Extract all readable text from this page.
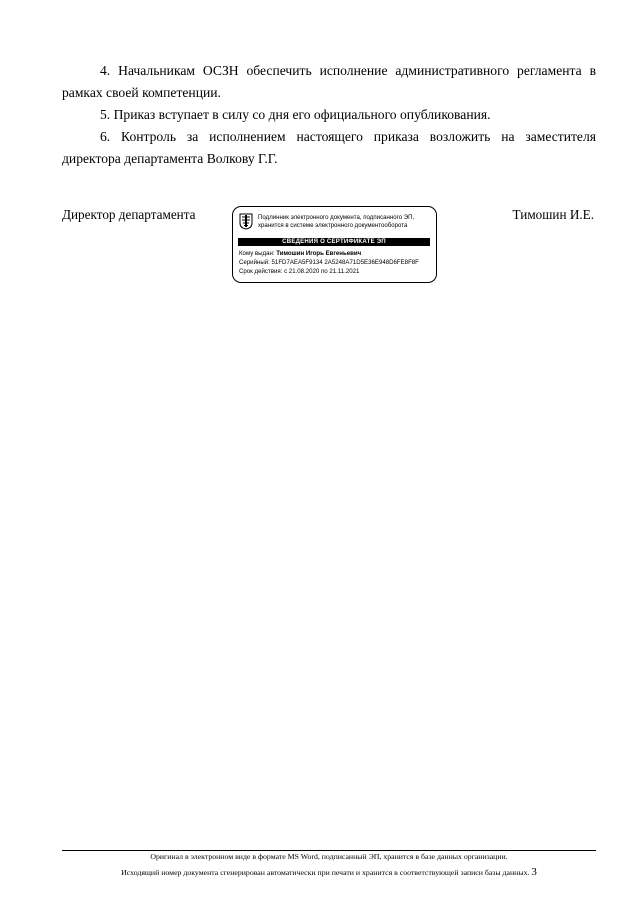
4. Начальникам ОСЗН обеспечить исполнение административного регламента в рамках своей компетенции.

5. Приказ вступает в силу со дня его официального опубликования.

6. Контроль за исполнением настоящего приказа возложить на заместителя директора департамента Волкову Г.Г.

Директор департамента	Тимошин И.Е.
Подлинник электронного документа, подписанного ЭП,
хранится в системе электронного документооборота
СВЕДЕНИЯ О СЕРТИФИКАТЕ ЭП
Кому выдан: Тимошин Игорь Евгеньевич
Серийный: 51FD7AEA5F9134 2A5248A71D5E36E948D6FE8F8F
Срок действия: с 21.08.2020 по 21.11.2021
Оригинал в электронном виде в формате MS Word, подписанный ЭП, хранится в базе данных организации.
Исходящий номер документа сгенерирован автоматически при печати и хранится в соответствующей записи базы данных. 3
